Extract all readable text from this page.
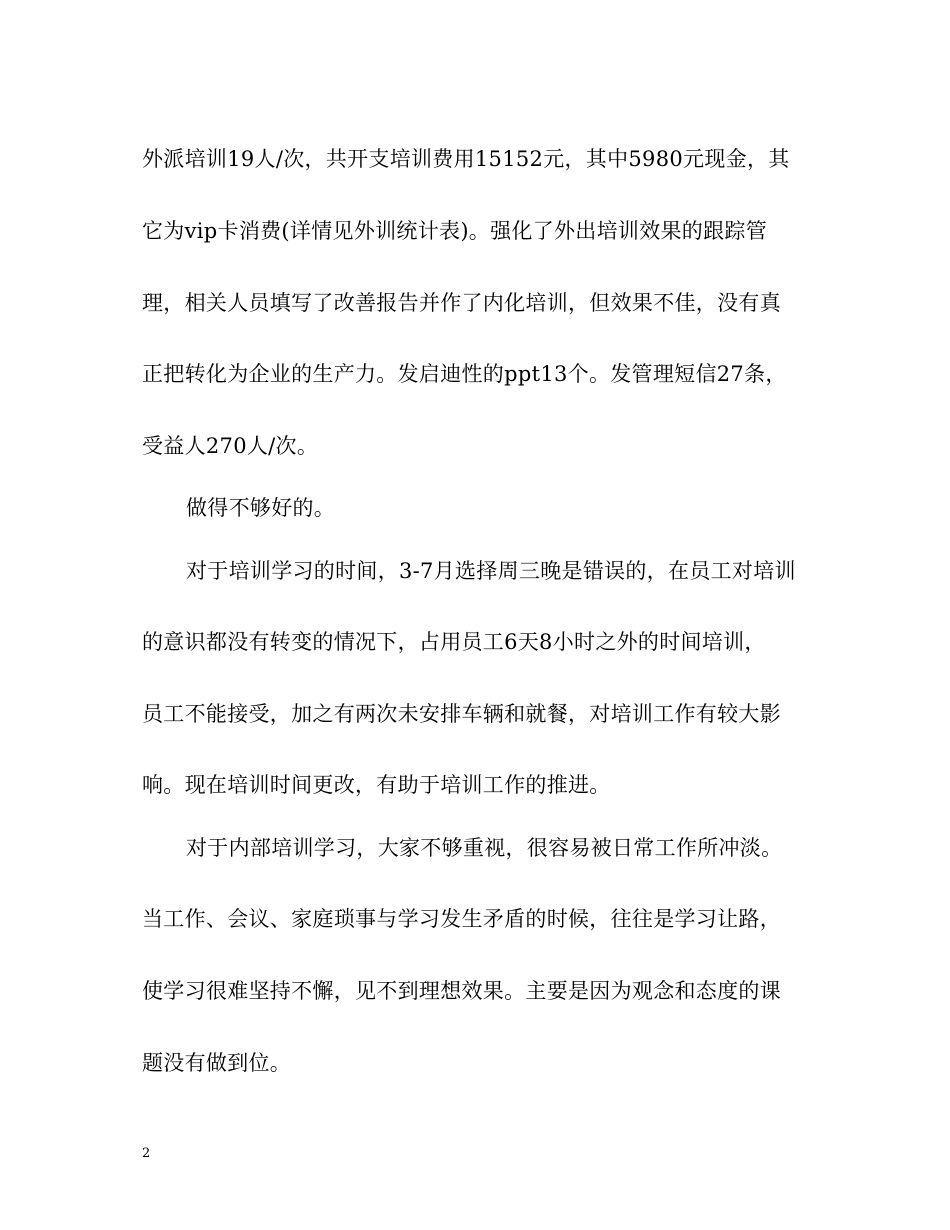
外派培训19人/次，共开支培训费用15152元，其中5980元现金，其
它为vip卡消费(详情见外训统计表)。强化了外出培训效果的跟踪管
理，相关人员填写了改善报告并作了内化培训，但效果不佳，没有真
正把转化为企业的生产力。发启迪性的ppt13个。发管理短信27条，
受益人270人/次。
做得不够好的。
对于培训学习的时间，3-7月选择周三晚是错误的，在员工对培训
的意识都没有转变的情况下，占用员工6天8小时之外的时间培训，
员工不能接受，加之有两次未安排车辆和就餐，对培训工作有较大影
响。现在培训时间更改，有助于培训工作的推进。
对于内部培训学习，大家不够重视，很容易被日常工作所冲淡。
当工作、会议、家庭琐事与学习发生矛盾的时候，往往是学习让路，
使学习很难坚持不懈，见不到理想效果。主要是因为观念和态度的课
题没有做到位。
2
